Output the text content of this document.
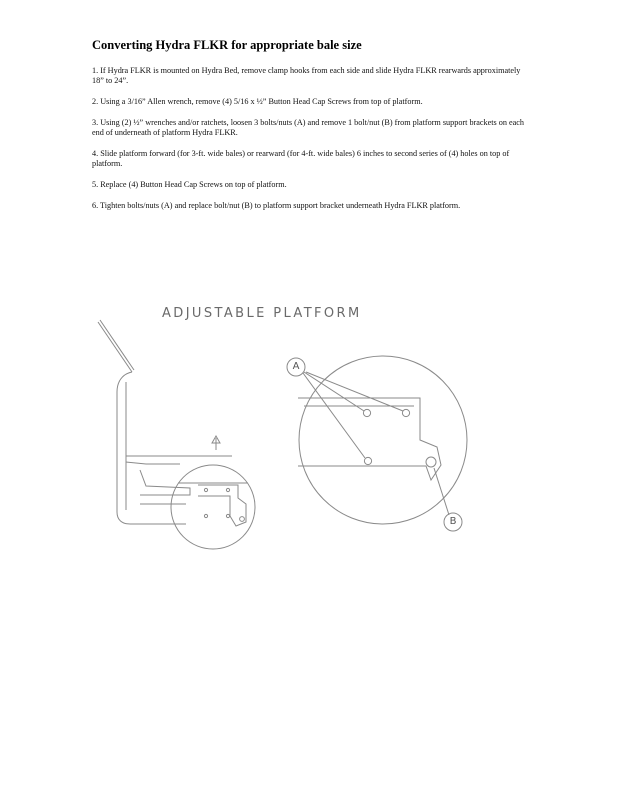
Converting Hydra FLKR for appropriate bale size

1. If Hydra FLKR is mounted on Hydra Bed, remove clamp hooks from each side and slide Hydra FLKR rearwards approximately 18” to 24”.

2. Using a 3/16” Allen wrench, remove (4) 5/16 x ½” Button Head Cap Screws from top of platform.

3. Using (2) ½” wrenches and/or ratchets, loosen 3 bolts/nuts (A) and remove 1 bolt/nut (B) from platform support brackets on each end of underneath of platform Hydra FLKR.

4. Slide platform forward (for 3-ft. wide bales) or rearward (for 4-ft. wide bales) 6 inches to second series of (4) holes on top of platform.

5. Replace (4) Button Head Cap Screws on top of platform.

6. Tighten bolts/nuts (A) and replace bolt/nut (B) to platform support bracket underneath Hydra FLKR platform.

ADJUSTABLE PLATFORM
A
B
